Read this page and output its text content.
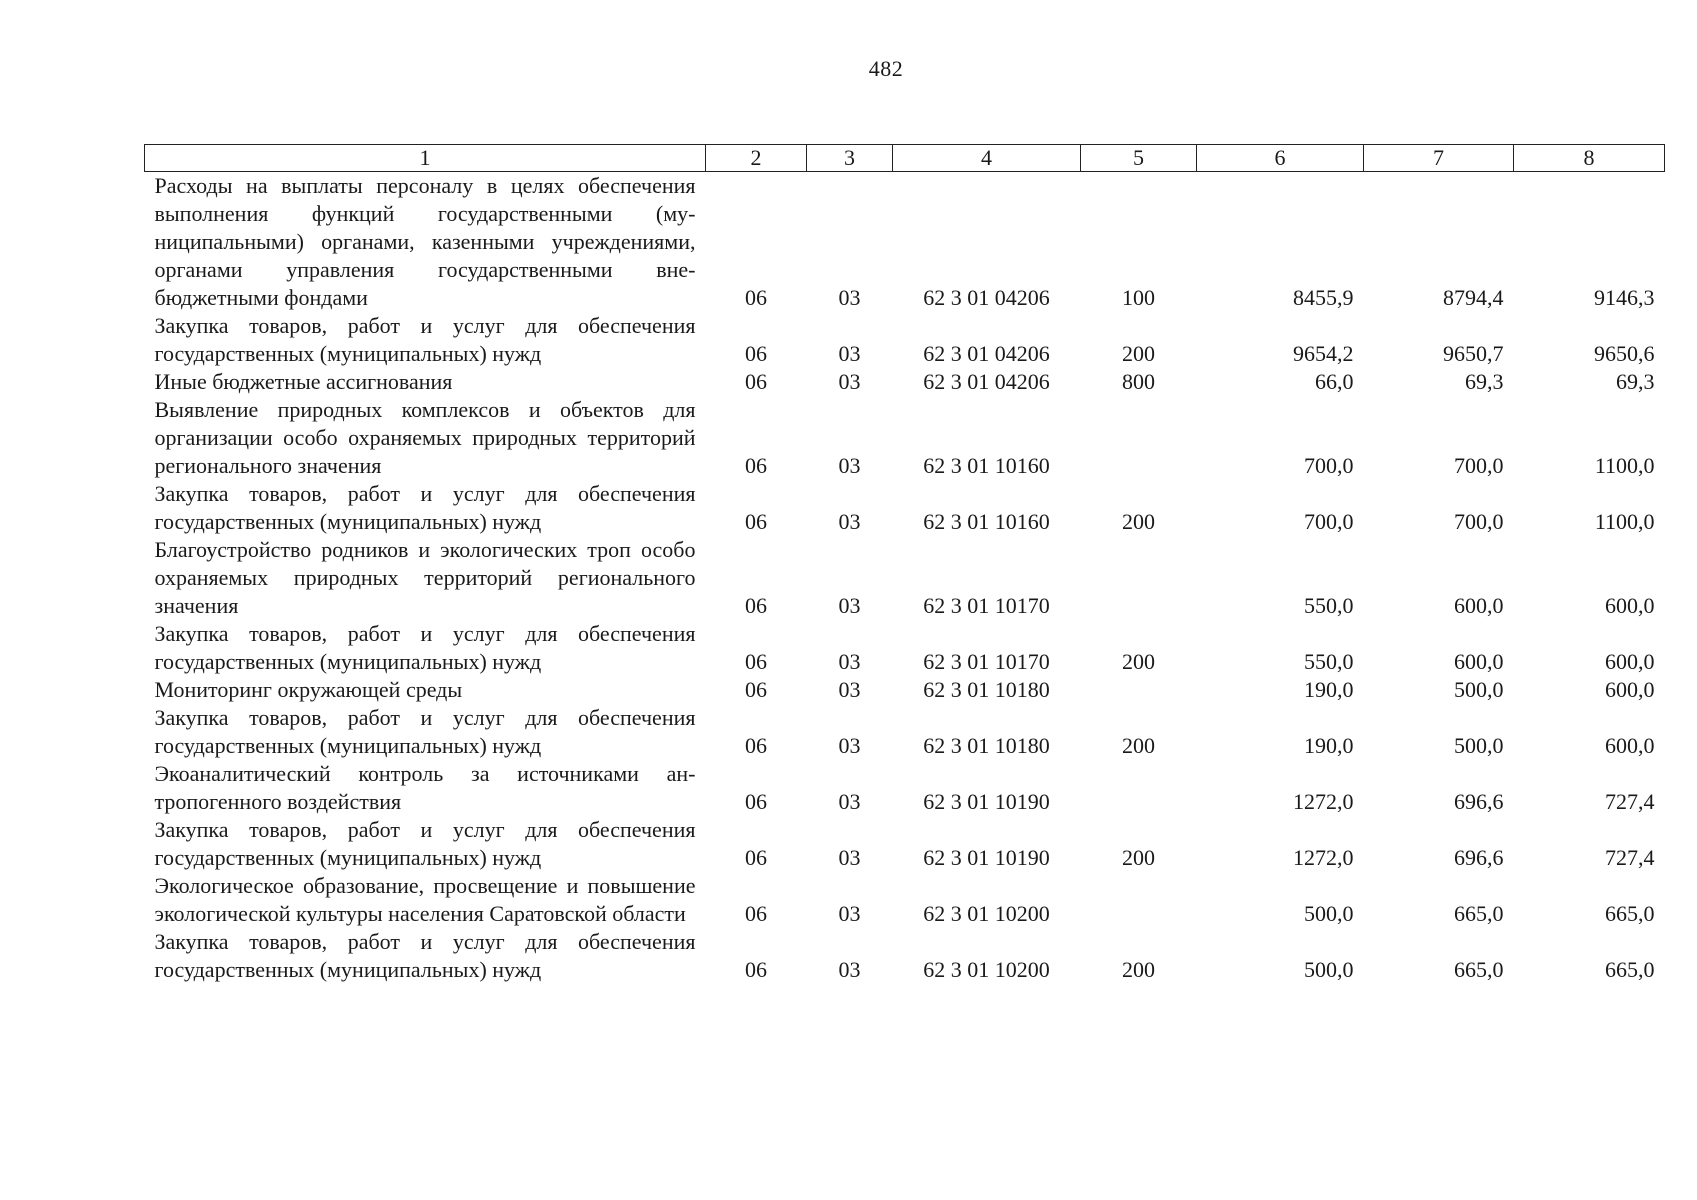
482
1	2	3	4	5	6	7	8
Расходы на выплаты персоналу в целях обеспечения выполнения функций государственными (муниципальными) органами, казенными учреждениями, органами управления государственными внебюджетными фондами	06	03	62 3 01 04206	100	8455,9	8794,4	9146,3
Закупка товаров, работ и услуг для обеспечения государственных (муниципальных) нужд	06	03	62 3 01 04206	200	9654,2	9650,7	9650,6
Иные бюджетные ассигнования	06	03	62 3 01 04206	800	66,0	69,3	69,3
Выявление природных комплексов и объектов для организации особо охраняемых природных территорий регионального значения	06	03	62 3 01 10160		700,0	700,0	1100,0
Закупка товаров, работ и услуг для обеспечения государственных (муниципальных) нужд	06	03	62 3 01 10160	200	700,0	700,0	1100,0
Благоустройство родников и экологических троп особо охраняемых природных территорий регионального значения	06	03	62 3 01 10170		550,0	600,0	600,0
Закупка товаров, работ и услуг для обеспечения государственных (муниципальных) нужд	06	03	62 3 01 10170	200	550,0	600,0	600,0
Мониторинг окружающей среды	06	03	62 3 01 10180		190,0	500,0	600,0
Закупка товаров, работ и услуг для обеспечения государственных (муниципальных) нужд	06	03	62 3 01 10180	200	190,0	500,0	600,0
Экоаналитический контроль за источниками антропогенного воздействия	06	03	62 3 01 10190		1272,0	696,6	727,4
Закупка товаров, работ и услуг для обеспечения государственных (муниципальных) нужд	06	03	62 3 01 10190	200	1272,0	696,6	727,4
Экологическое образование, просвещение и повышение экологической культуры населения Саратовской области	06	03	62 3 01 10200		500,0	665,0	665,0
Закупка товаров, работ и услуг для обеспечения государственных (муниципальных) нужд	06	03	62 3 01 10200	200	500,0	665,0	665,0
